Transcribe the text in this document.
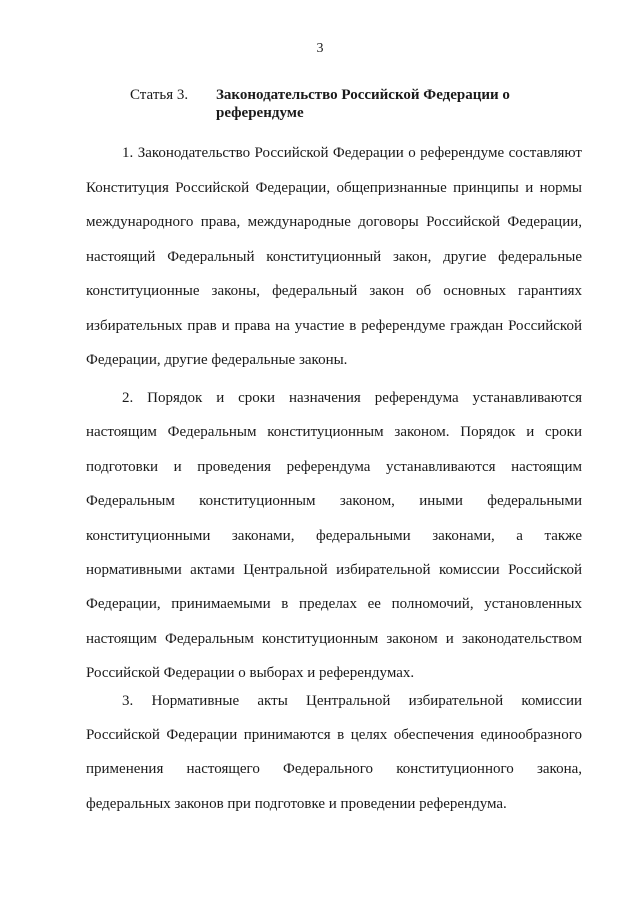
3
Статья 3. Законодательство Российской Федерации о референдуме

1. Законодательство Российской Федерации о референдуме составляют Конституция Российской Федерации, общепризнанные принципы и нормы международного права, международные договоры Российской Федерации, настоящий Федеральный конституционный закон, другие федеральные конституционные законы, федеральный закон об основных гарантиях избирательных прав и права на участие в референдуме граждан Российской Федерации, другие федеральные законы.

2. Порядок и сроки назначения референдума устанавливаются настоящим Федеральным конституционным законом. Порядок и сроки подготовки и проведения референдума устанавливаются настоящим Федеральным конституционным законом, иными федеральными конституционными законами, федеральными законами, а также нормативными актами Центральной избирательной комиссии Российской Федерации, принимаемыми в пределах ее полномочий, установленных настоящим Федеральным конституционным законом и законодательством Российской Федерации о выборах и референдумах.

3. Нормативные акты Центральной избирательной комиссии Российской Федерации принимаются в целях обеспечения единообразного применения настоящего Федерального конституционного закона, федеральных законов при подготовке и проведении референдума.
